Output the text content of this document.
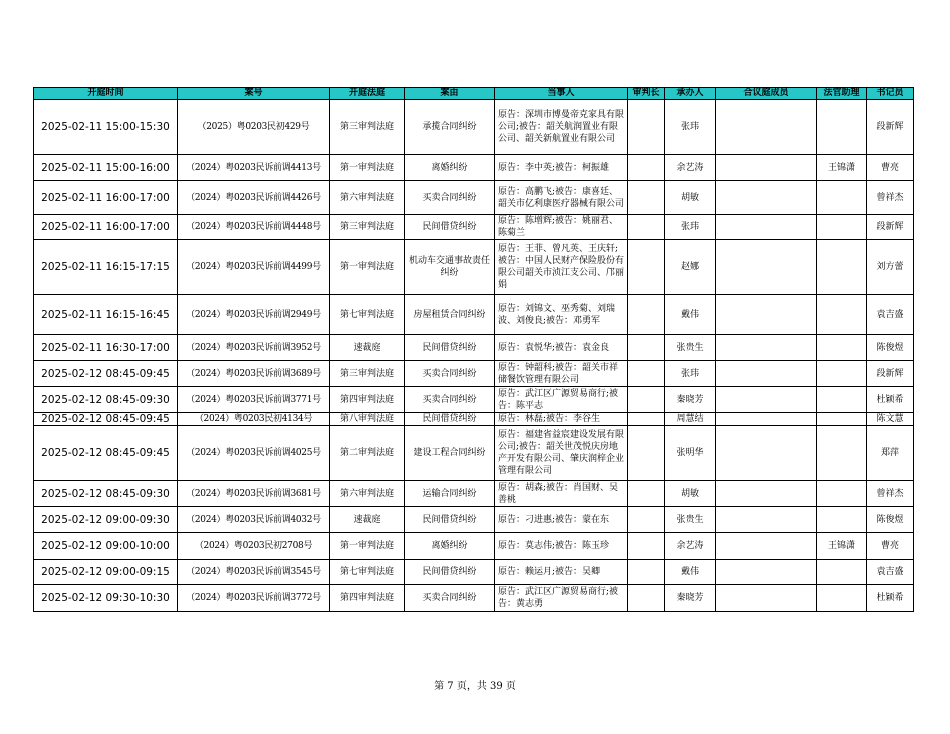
开庭时间	案号	开庭法庭	案由	当事人	审判长	承办人	合议庭成员	法官助理	书记员
2025-02-11 15:00-15:30	（2025）粤0203民初429号	第三审判法庭	承揽合同纠纷	原告：深圳市博曼帝克家具有限公司;被告：韶关航润置业有限公司、韶关新航置业有限公司		张玮			段新辉
2025-02-11 15:00-16:00	（2024）粤0203民诉前调4413号	第一审判法庭	离婚纠纷	原告：李中英;被告：柯振雄		余艺涛		王锦潇	曹亮
2025-02-11 16:00-17:00	（2024）粤0203民诉前调4426号	第六审判法庭	买卖合同纠纷	原告：高鹏飞;被告：康喜廷、韶关市亿利康医疗器械有限公司		胡敏			曾祥杰
2025-02-11 16:00-17:00	（2024）粤0203民诉前调4448号	第三审判法庭	民间借贷纠纷	原告：陈增辉;被告：姚丽君、陈菊兰		张玮			段新辉
2025-02-11 16:15-17:15	（2024）粤0203民诉前调4499号	第一审判法庭	机动车交通事故责任纠纷	原告：王菲、曾凡英、王庆轩;被告：中国人民财产保险股份有限公司韶关市浈江支公司、邝丽娟		赵娜			刘方蕾
2025-02-11 16:15-16:45	（2024）粤0203民诉前调2949号	第七审判法庭	房屋租赁合同纠纷	原告：刘锦文、巫秀菊、刘瑞波、刘俊良;被告：邓勇军		戴伟			袁吉盛
2025-02-11 16:30-17:00	（2024）粤0203民诉前调3952号	速裁庭	民间借贷纠纷	原告：袁悦华;被告：袁金良		张贵生			陈俊煜
2025-02-12 08:45-09:45	（2024）粤0203民诉前调3689号	第三审判法庭	买卖合同纠纷	原告：钟韶科;被告：韶关市祥储餐饮管理有限公司		张玮			段新辉
2025-02-12 08:45-09:30	（2024）粤0203民诉前调3771号	第四审判法庭	买卖合同纠纷	原告：武江区广源贸易商行;被告：陈平志		秦晓芳			杜颖希
2025-02-12 08:45-09:45	（2024）粤0203民初4134号	第八审判法庭	民间借贷纠纷	原告：林磊;被告：李谷生		周慧结			陈文慧
2025-02-12 08:45-09:45	（2024）粤0203民诉前调4025号	第二审判法庭	建设工程合同纠纷	原告：福建省益宸建设发展有限公司;被告：韶关世茂悦庆房地产开发有限公司、肇庆润梓企业管理有限公司		张明华			郑萍
2025-02-12 08:45-09:30	（2024）粤0203民诉前调3681号	第六审判法庭	运输合同纠纷	原告：胡森;被告：肖国财、吴善桃		胡敏			曾祥杰
2025-02-12 09:00-09:30	（2024）粤0203民诉前调4032号	速裁庭	民间借贷纠纷	原告：刁进惠;被告：蒙在东		张贵生			陈俊煜
2025-02-12 09:00-10:00	（2024）粤0203民初2708号	第一审判法庭	离婚纠纷	原告：莫志伟;被告：陈玉珍		余艺涛		王锦潇	曹亮
2025-02-12 09:00-09:15	（2024）粤0203民诉前调3545号	第七审判法庭	民间借贷纠纷	原告：赖运月;被告：吴卿		戴伟			袁吉盛
2025-02-12 09:30-10:30	（2024）粤0203民诉前调3772号	第四审判法庭	买卖合同纠纷	原告：武江区广源贸易商行;被告：黄志勇		秦晓芳			杜颖希
第 7 页，共 39 页
